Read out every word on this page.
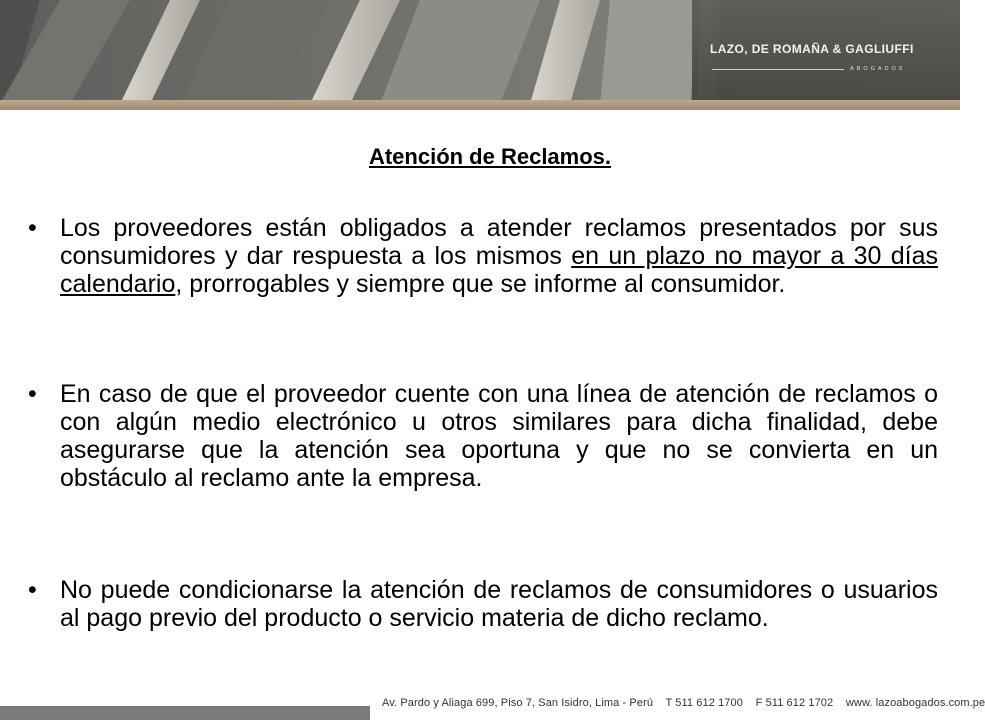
LAZO, DE ROMAÑA & GAGLIUFFI
ABOGADOS
Atención de Reclamos.
• Los proveedores están obligados a atender reclamos presentados por sus consumidores y dar respuesta a los mismos en un plazo no mayor a 30 días calendario, prorrogables y siempre que se informe al consumidor.
• En caso de que el proveedor cuente con una línea de atención de reclamos o con algún medio electrónico u otros similares para dicha finalidad, debe asegurarse que la atención sea oportuna y que no se convierta en un obstáculo al reclamo ante la empresa.
• No puede condicionarse la atención de reclamos de consumidores o usuarios al pago previo del producto o servicio materia de dicho reclamo.
Av. Pardo y Aliaga 699, Piso 7, San Isidro, Lima - Perú T 511 612 1700 F 511 612 1702 www. lazoabogados.com.pe
